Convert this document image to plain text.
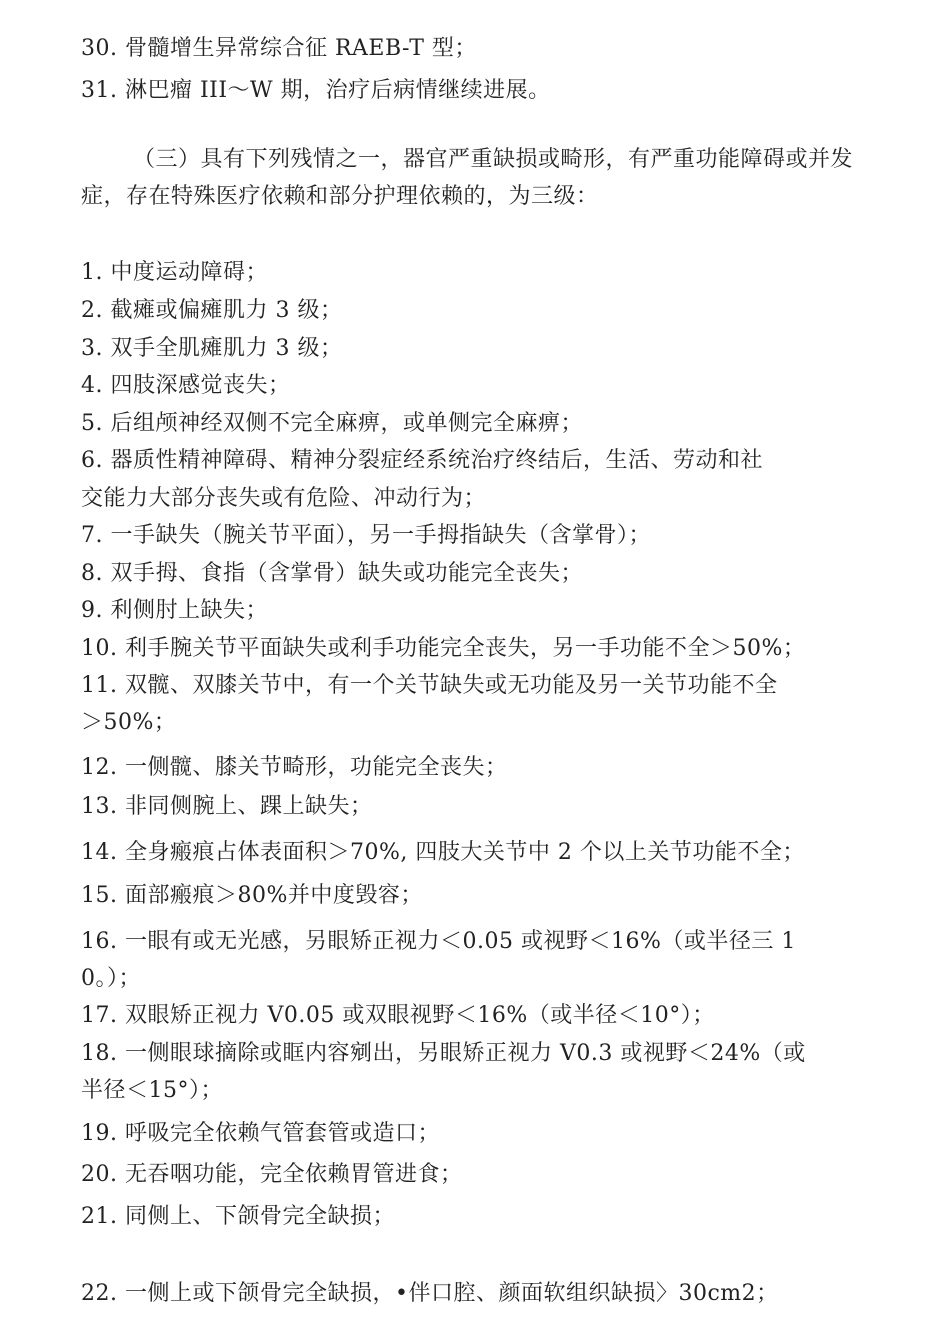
30. 骨髓增生异常综合征 RAEB-T 型；
31. 淋巴瘤 III～W 期，治疗后病情继续进展。
（三）具有下列残情之一，器官严重缺损或畸形，有严重功能障碍或并发症，存在特殊医疗依赖和部分护理依赖的，为三级：
1. 中度运动障碍；
2. 截瘫或偏瘫肌力 3 级；
3. 双手全肌瘫肌力 3 级；
4. 四肢深感觉丧失；
5. 后组颅神经双侧不完全麻痹，或单侧完全麻痹；
6. 器质性精神障碍、精神分裂症经系统治疗终结后，生活、劳动和社
交能力大部分丧失或有危险、冲动行为；
7. 一手缺失（腕关节平面），另一手拇指缺失（含掌骨）；
8. 双手拇、食指（含掌骨）缺失或功能完全丧失；
9. 利侧肘上缺失；
10. 利手腕关节平面缺失或利手功能完全丧失，另一手功能不全＞50%；
11. 双髋、双膝关节中，有一个关节缺失或无功能及另一关节功能不全
＞50%；
12. 一侧髋、膝关节畸形，功能完全丧失；
13. 非同侧腕上、踝上缺失；
14. 全身瘢痕占体表面积＞70%, 四肢大关节中 2 个以上关节功能不全；
15. 面部瘢痕＞80%并中度毁容；
16. 一眼有或无光感，另眼矫正视力＜0.05 或视野＜16%（或半径三 1
0。）；
17. 双眼矫正视力 V0.05 或双眼视野＜16%（或半径＜10°）；
18. 一侧眼球摘除或眶内容剜出，另眼矫正视力 V0.3 或视野＜24%（或
半径＜15°）；
19. 呼吸完全依赖气管套管或造口；
20. 无吞咽功能，完全依赖胃管进食；
21. 同侧上、下颌骨完全缺损；
22. 一侧上或下颌骨完全缺损，•伴口腔、颜面软组织缺损〉30cm2；
